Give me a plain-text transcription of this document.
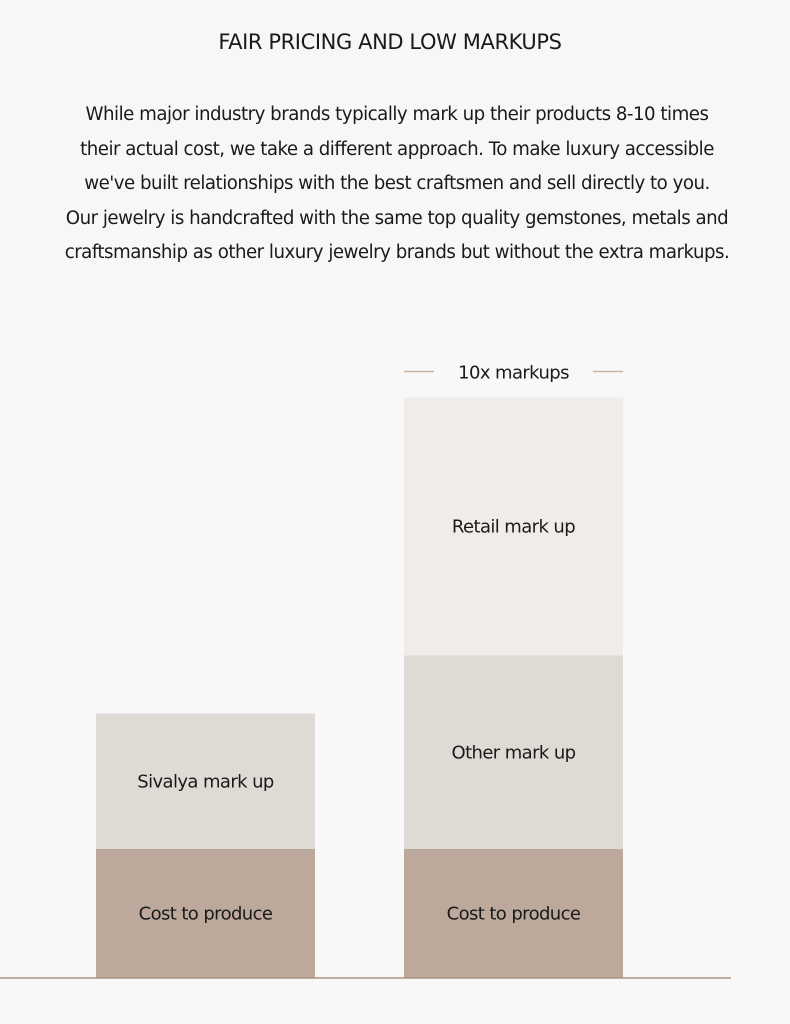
FAIR PRICING AND LOW MARKUPS

While major industry brands typically mark up their products 8-10 times
their actual cost, we take a different approach. To make luxury accessible
we've built relationships with the best craftsmen and sell directly to you.
Our jewelry is handcrafted with the same top quality gemstones, metals and
craftsmanship as other luxury jewelry brands but without the extra markups.

Cost to produce
Sivalya mark up
Cost to produce
Other mark up
Retail mark up
10x markups
